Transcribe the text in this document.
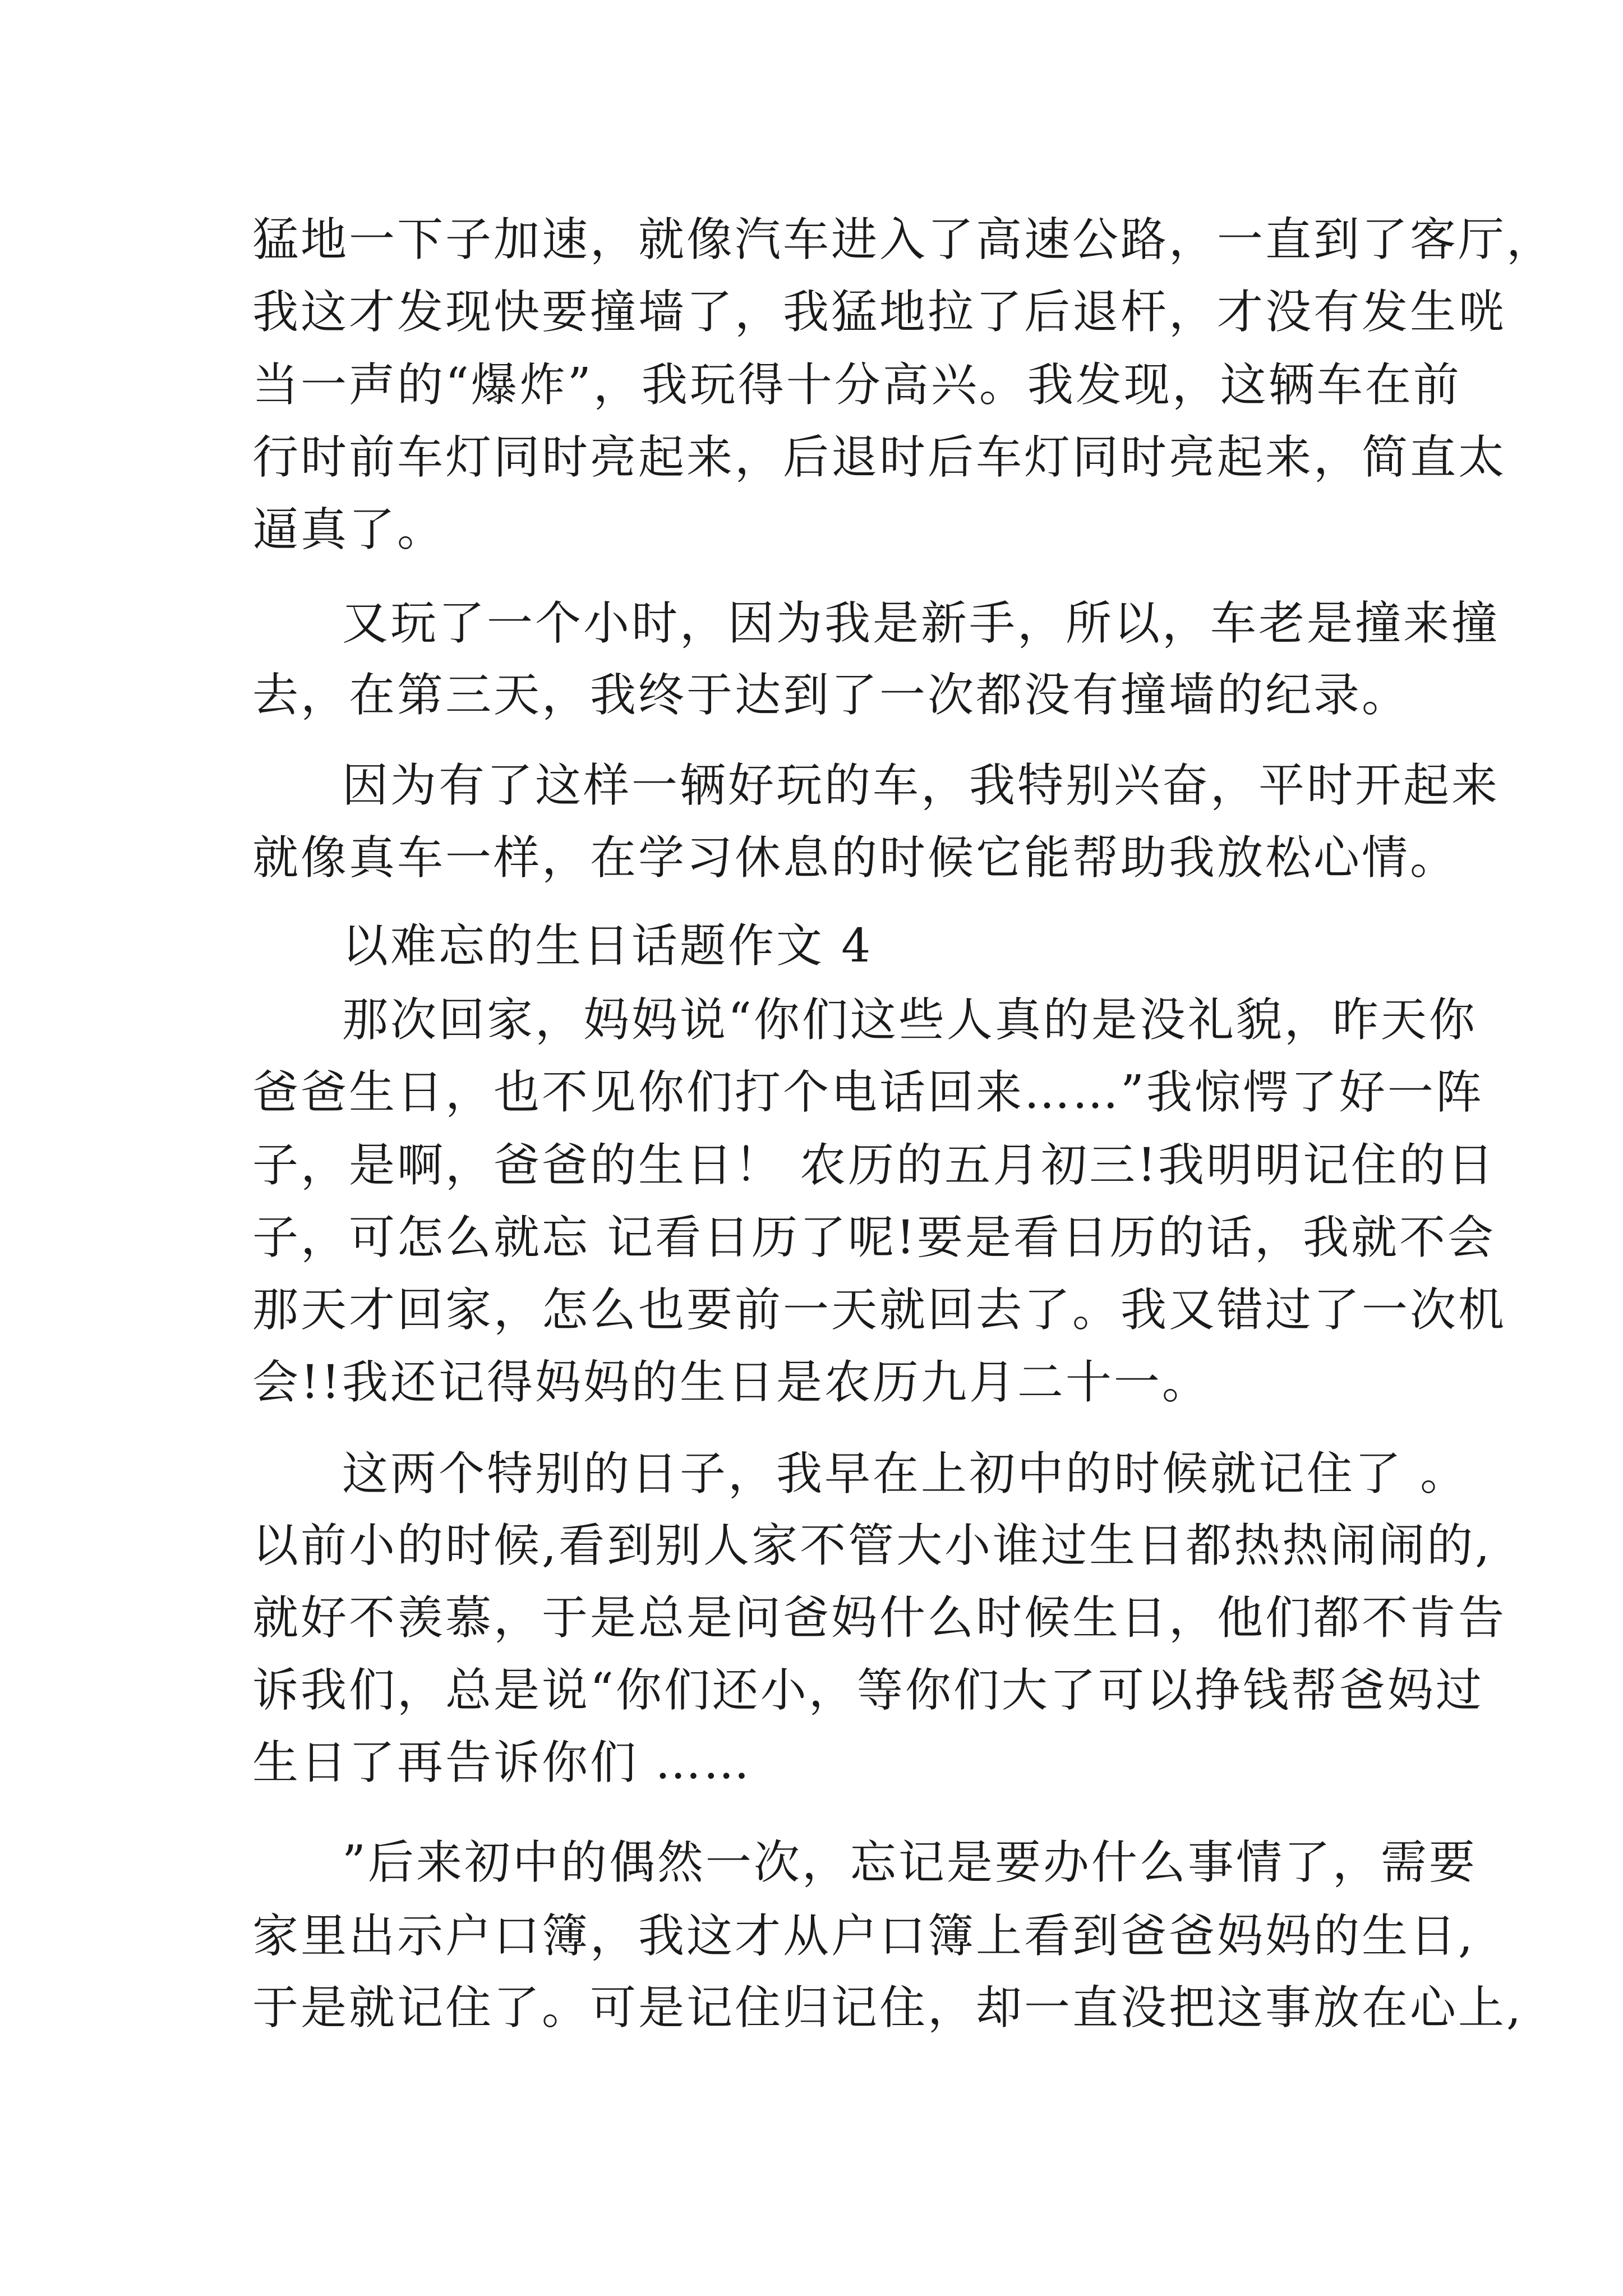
猛地一下子加速，就像汽车进入了高速公路，一直到了客厅，
我这才发现快要撞墙了，我猛地拉了后退杆，才没有发生咣
当一声的“爆炸”，我玩得十分高兴。我发现，这辆车在前
行时前车灯同时亮起来，后退时后车灯同时亮起来，简直太
逼真了。
又玩了一个小时，因为我是新手，所以，车老是撞来撞
去，在第三天，我终于达到了一次都没有撞墙的纪录。
因为有了这样一辆好玩的车，我特别兴奋，平时开起来
就像真车一样，在学习休息的时候它能帮助我放松心情。
以难忘的生日话题作文 4
那次回家，妈妈说“你们这些人真的是没礼貌，昨天你
爸爸生日，也不见你们打个电话回来……”我惊愕了好一阵
子，是啊，爸爸的生日！ 农历的五月初三!我明明记住的日
子，可怎么就忘 记看日历了呢!要是看日历的话，我就不会
那天才回家，怎么也要前一天就回去了。我又错过了一次机
会!!我还记得妈妈的生日是农历九月二十一。
这两个特别的日子，我早在上初中的时候就记住了 。
以前小的时候,看到别人家不管大小谁过生日都热热闹闹的,
就好不羡慕，于是总是问爸妈什么时候生日，他们都不肯告
诉我们，总是说“你们还小，等你们大了可以挣钱帮爸妈过
生日了再告诉你们 ……
”后来初中的偶然一次，忘记是要办什么事情了，需要
家里出示户口簿，我这才从户口簿上看到爸爸妈妈的生日,
于是就记住了。可是记住归记住，却一直没把这事放在心上,
